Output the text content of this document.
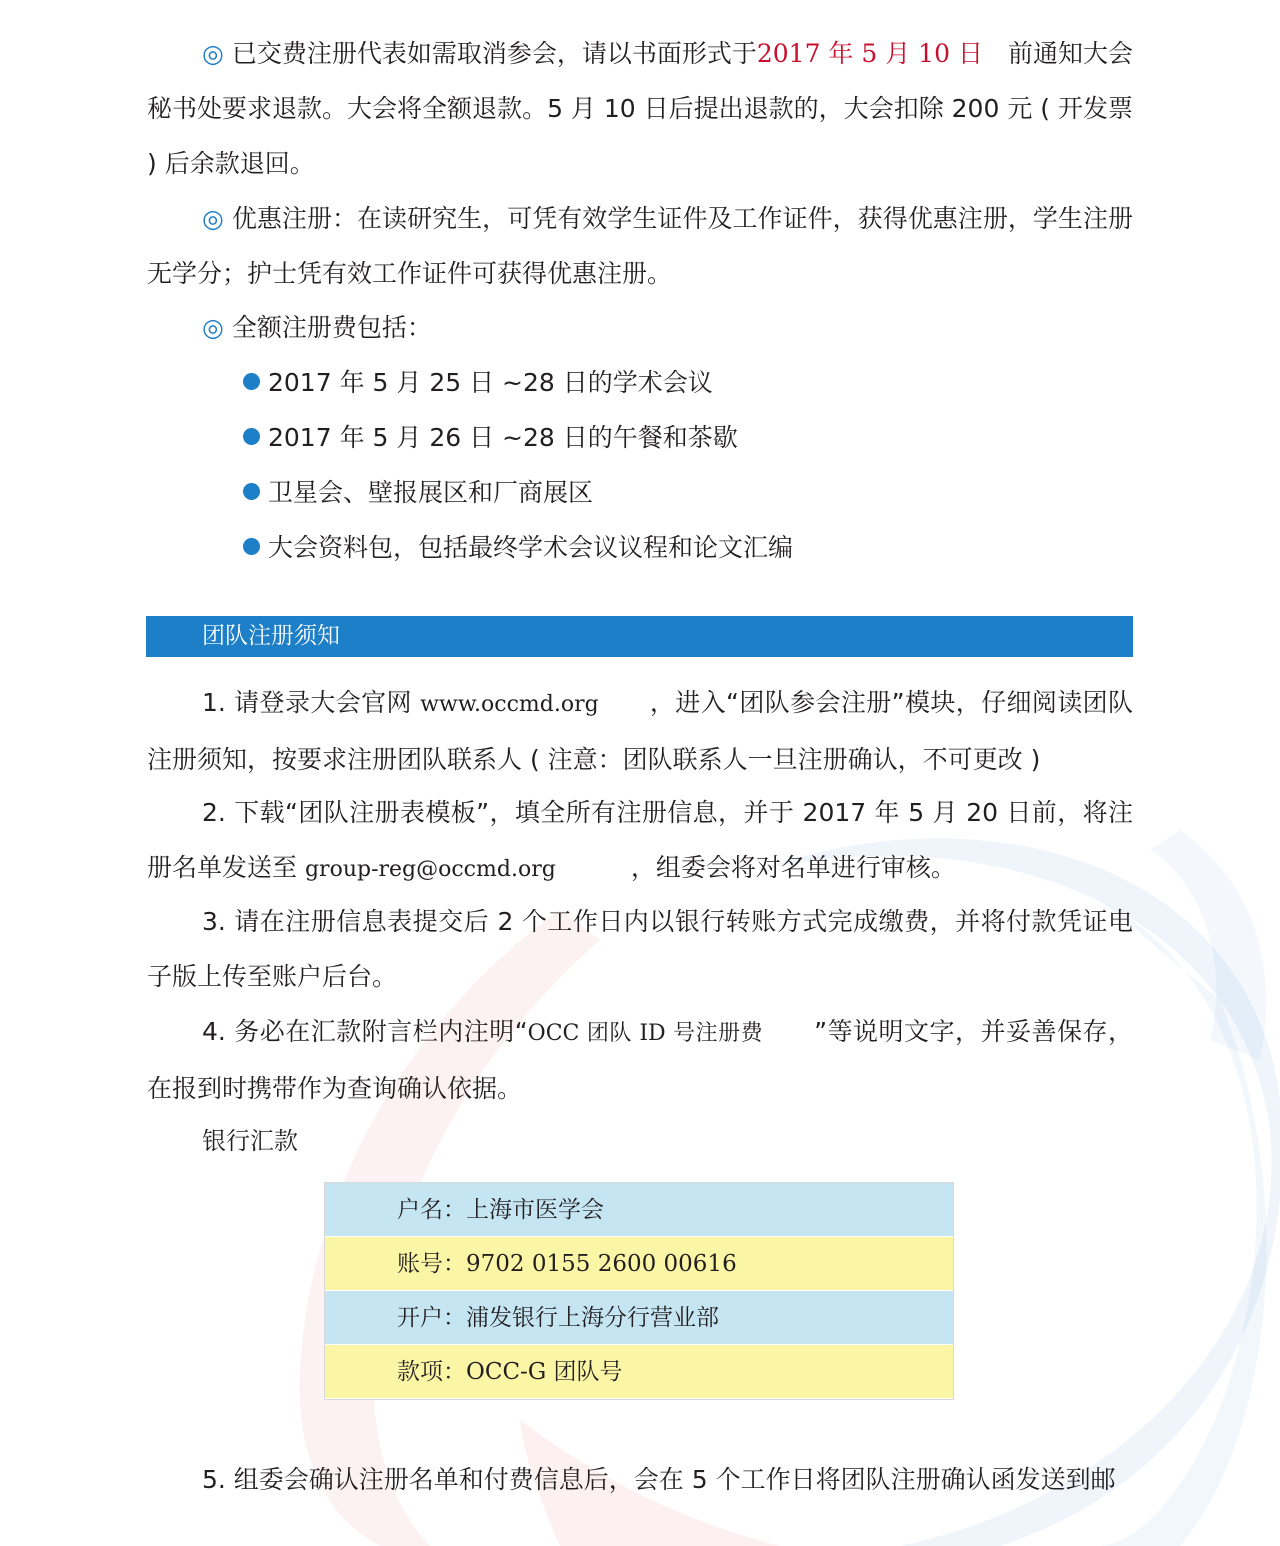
◎ 已交费注册代表如需取消参会，请以书面形式于2017 年 5 月 10 日　 前通知大会秘书处要求退款。大会将全额退款。5 月 10 日后提出退款的，大会扣除 200 元 ( 开发票 ) 后余款退回。

◎ 优惠注册：在读研究生，可凭有效学生证件及工作证件，获得优惠注册，学生注册无学分；护士凭有效工作证件可获得优惠注册。

◎ 全额注册费包括：

2017 年 5 月 25 日 ~28 日的学术会议

2017 年 5 月 26 日 ~28 日的午餐和茶歇

卫星会、壁报展区和厂商展区

大会资料包，包括最终学术会议议程和论文汇编

团队注册须知

1. 请登录大会官网 www.occmd.org　　 ，进入“团队参会注册”模块，仔细阅读团队注册须知，按要求注册团队联系人 ( 注意：团队联系人一旦注册确认，不可更改 )

2. 下载“团队注册表模板”，填全所有注册信息，并于 2017 年 5 月 20 日前，将注册名单发送至 group-reg@occmd.org　　　	，组委会将对名单进行审核。

3. 请在注册信息表提交后 2 个工作日内以银行转账方式完成缴费，并将付款凭证电子版上传至账户后台。

4. 务必在汇款附言栏内注明“OCC 团队 ID 号注册费　　 ”等说明文字，并妥善保存，在报到时携带作为查询确认依据。

银行汇款
户名：上海市医学会
账号：9702 0155 2600 00616
开户：浦发银行上海分行营业部
款项：OCC-G 团队号

5. 组委会确认注册名单和付费信息后，会在 5 个工作日将团队注册确认函发送到邮
